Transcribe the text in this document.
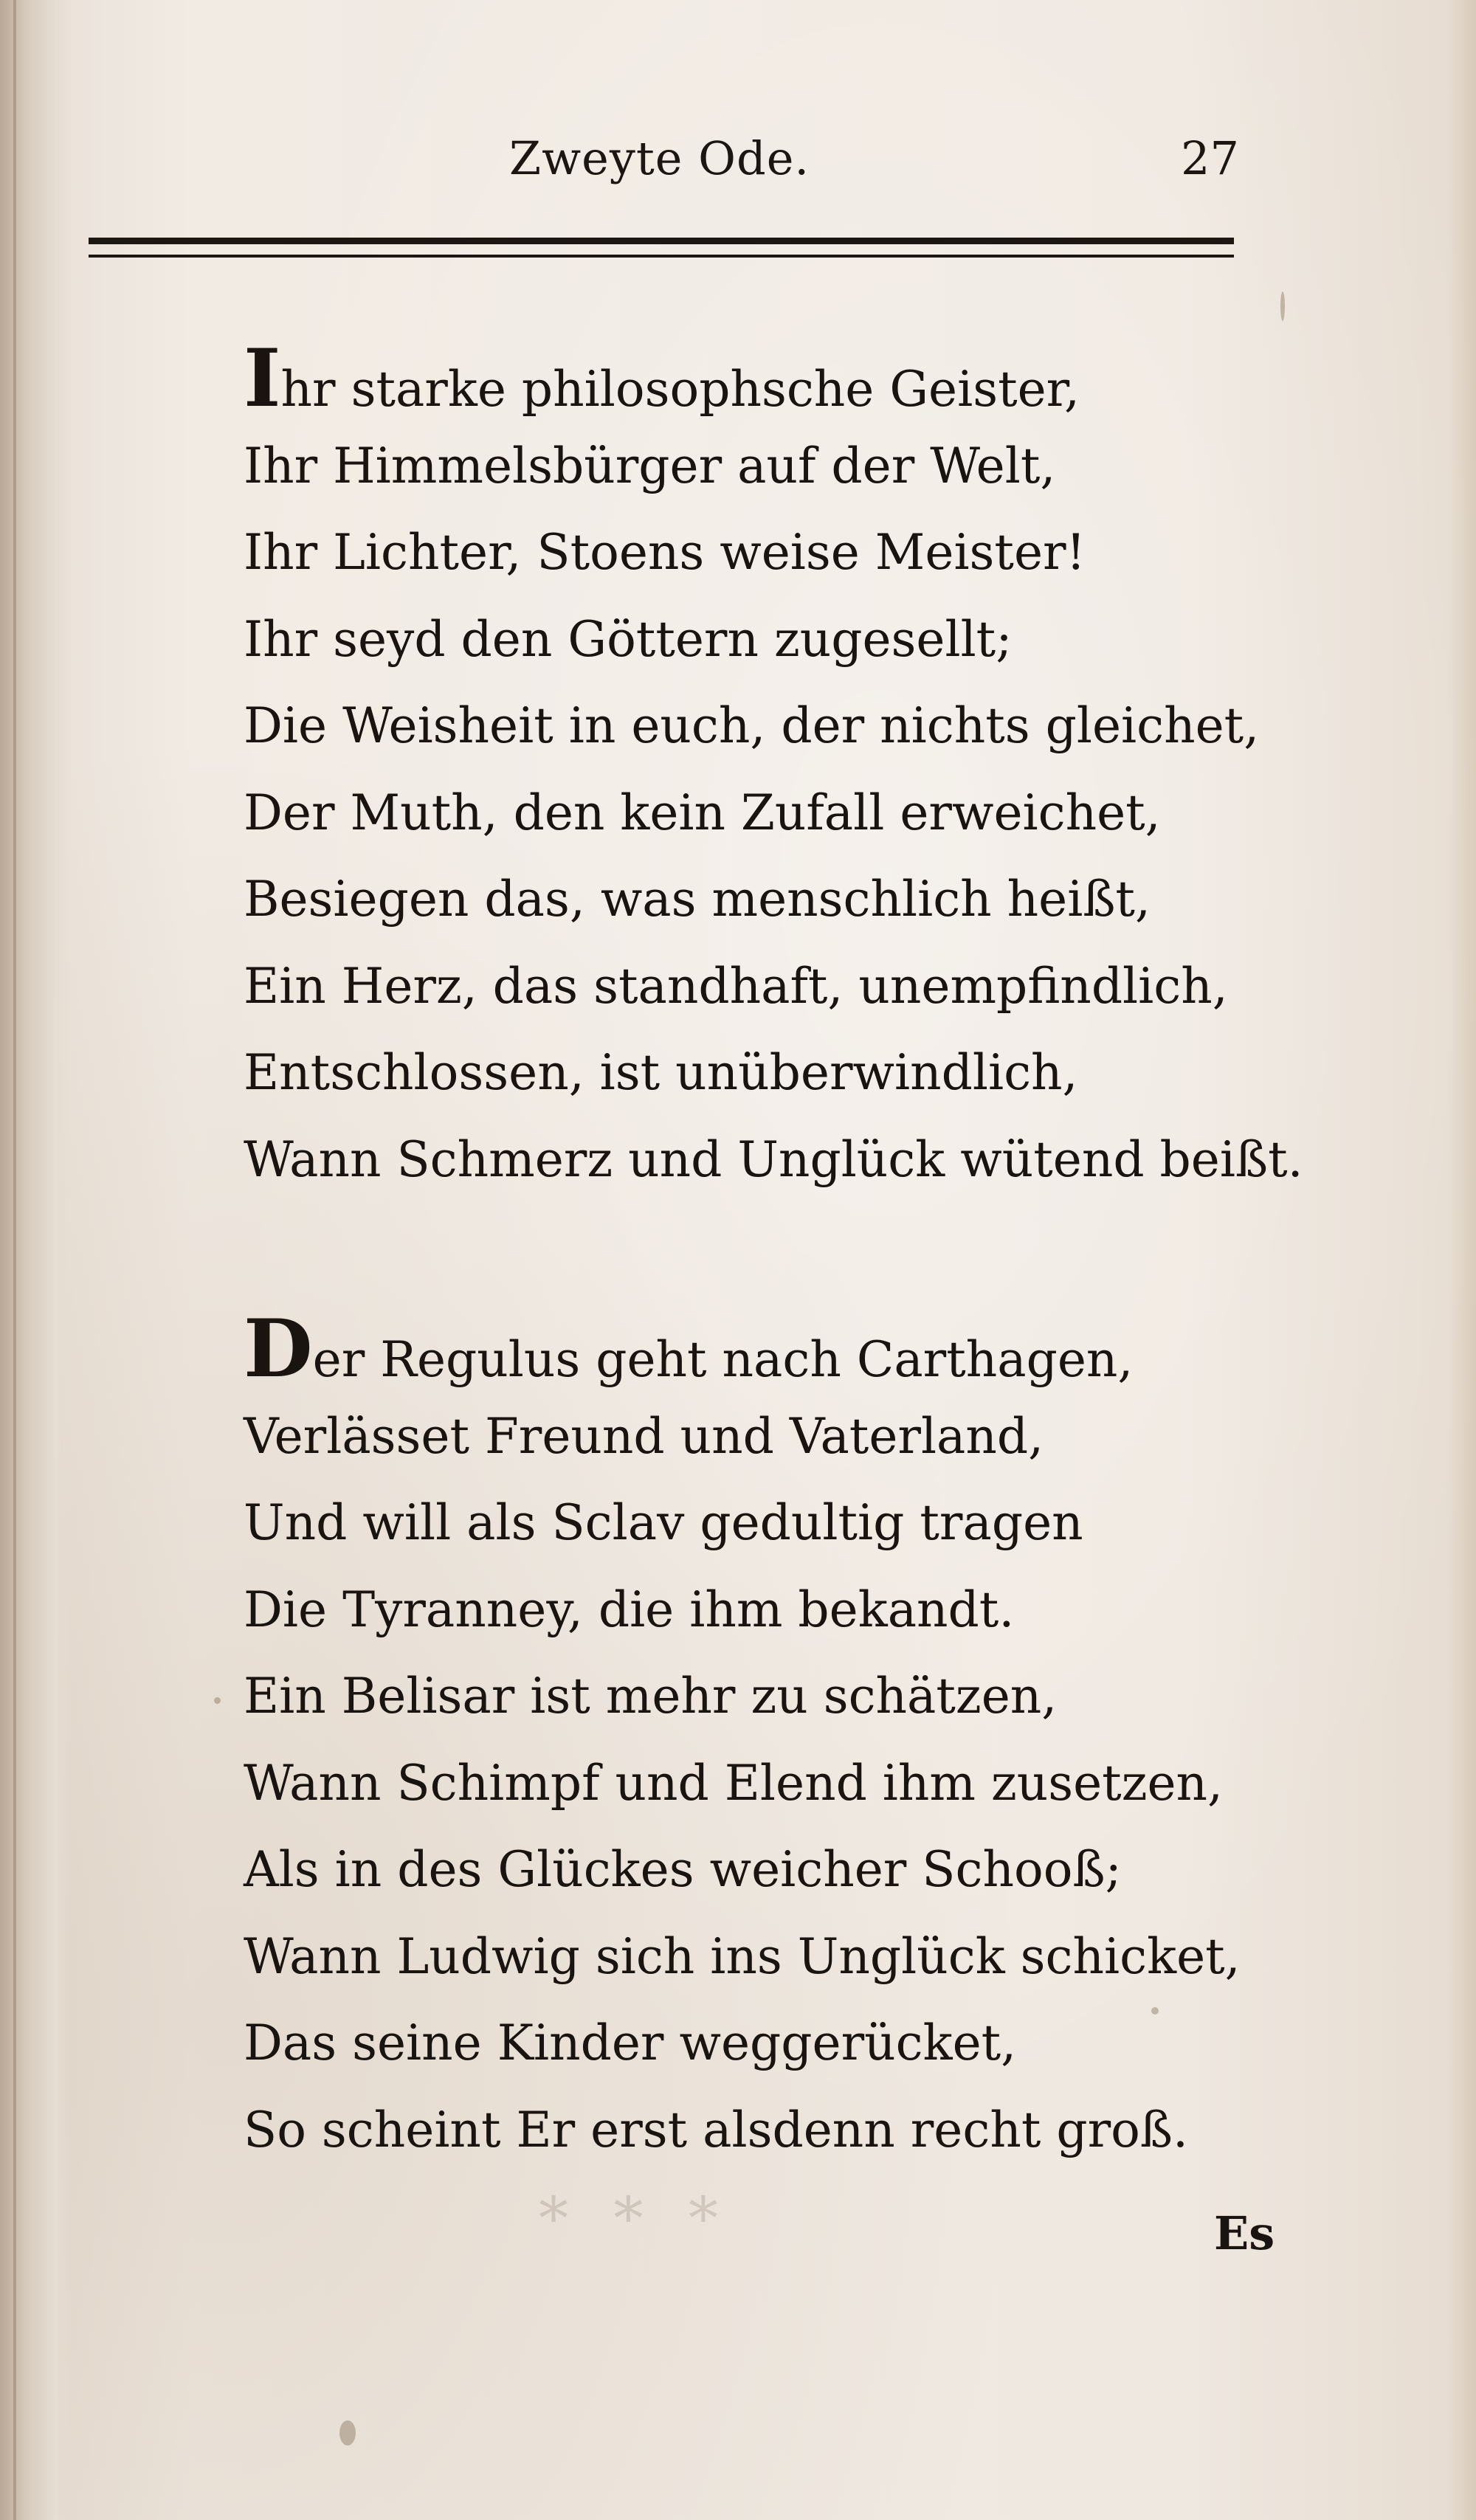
Zweyte Ode.	27
Ihr starke philosophsche Geister,
Ihr Himmelsbürger auf der Welt,
Ihr Lichter, Stoens weise Meister!
Ihr seyd den Göttern zugesellt;
Die Weisheit in euch, der nichts gleichet,
Der Muth, den kein Zufall erweichet,
Besiegen das, was menschlich heißt,
Ein Herz, das standhaft, unempfindlich,
Entschlossen, ist unüberwindlich,
Wann Schmerz und Unglück wütend beißt.
Der Regulus geht nach Carthagen,
Verlässet Freund und Vaterland,
Und will als Sclav gedultig tragen
Die Tyranney, die ihm bekandt.
Ein Belisar ist mehr zu schätzen,
Wann Schimpf und Elend ihm zusetzen,
Als in des Glückes weicher Schooß;
Wann Ludwig sich ins Unglück schicket,
Das seine Kinder weggerücket,
So scheint Er erst alsdenn recht groß.
* * *	Es
